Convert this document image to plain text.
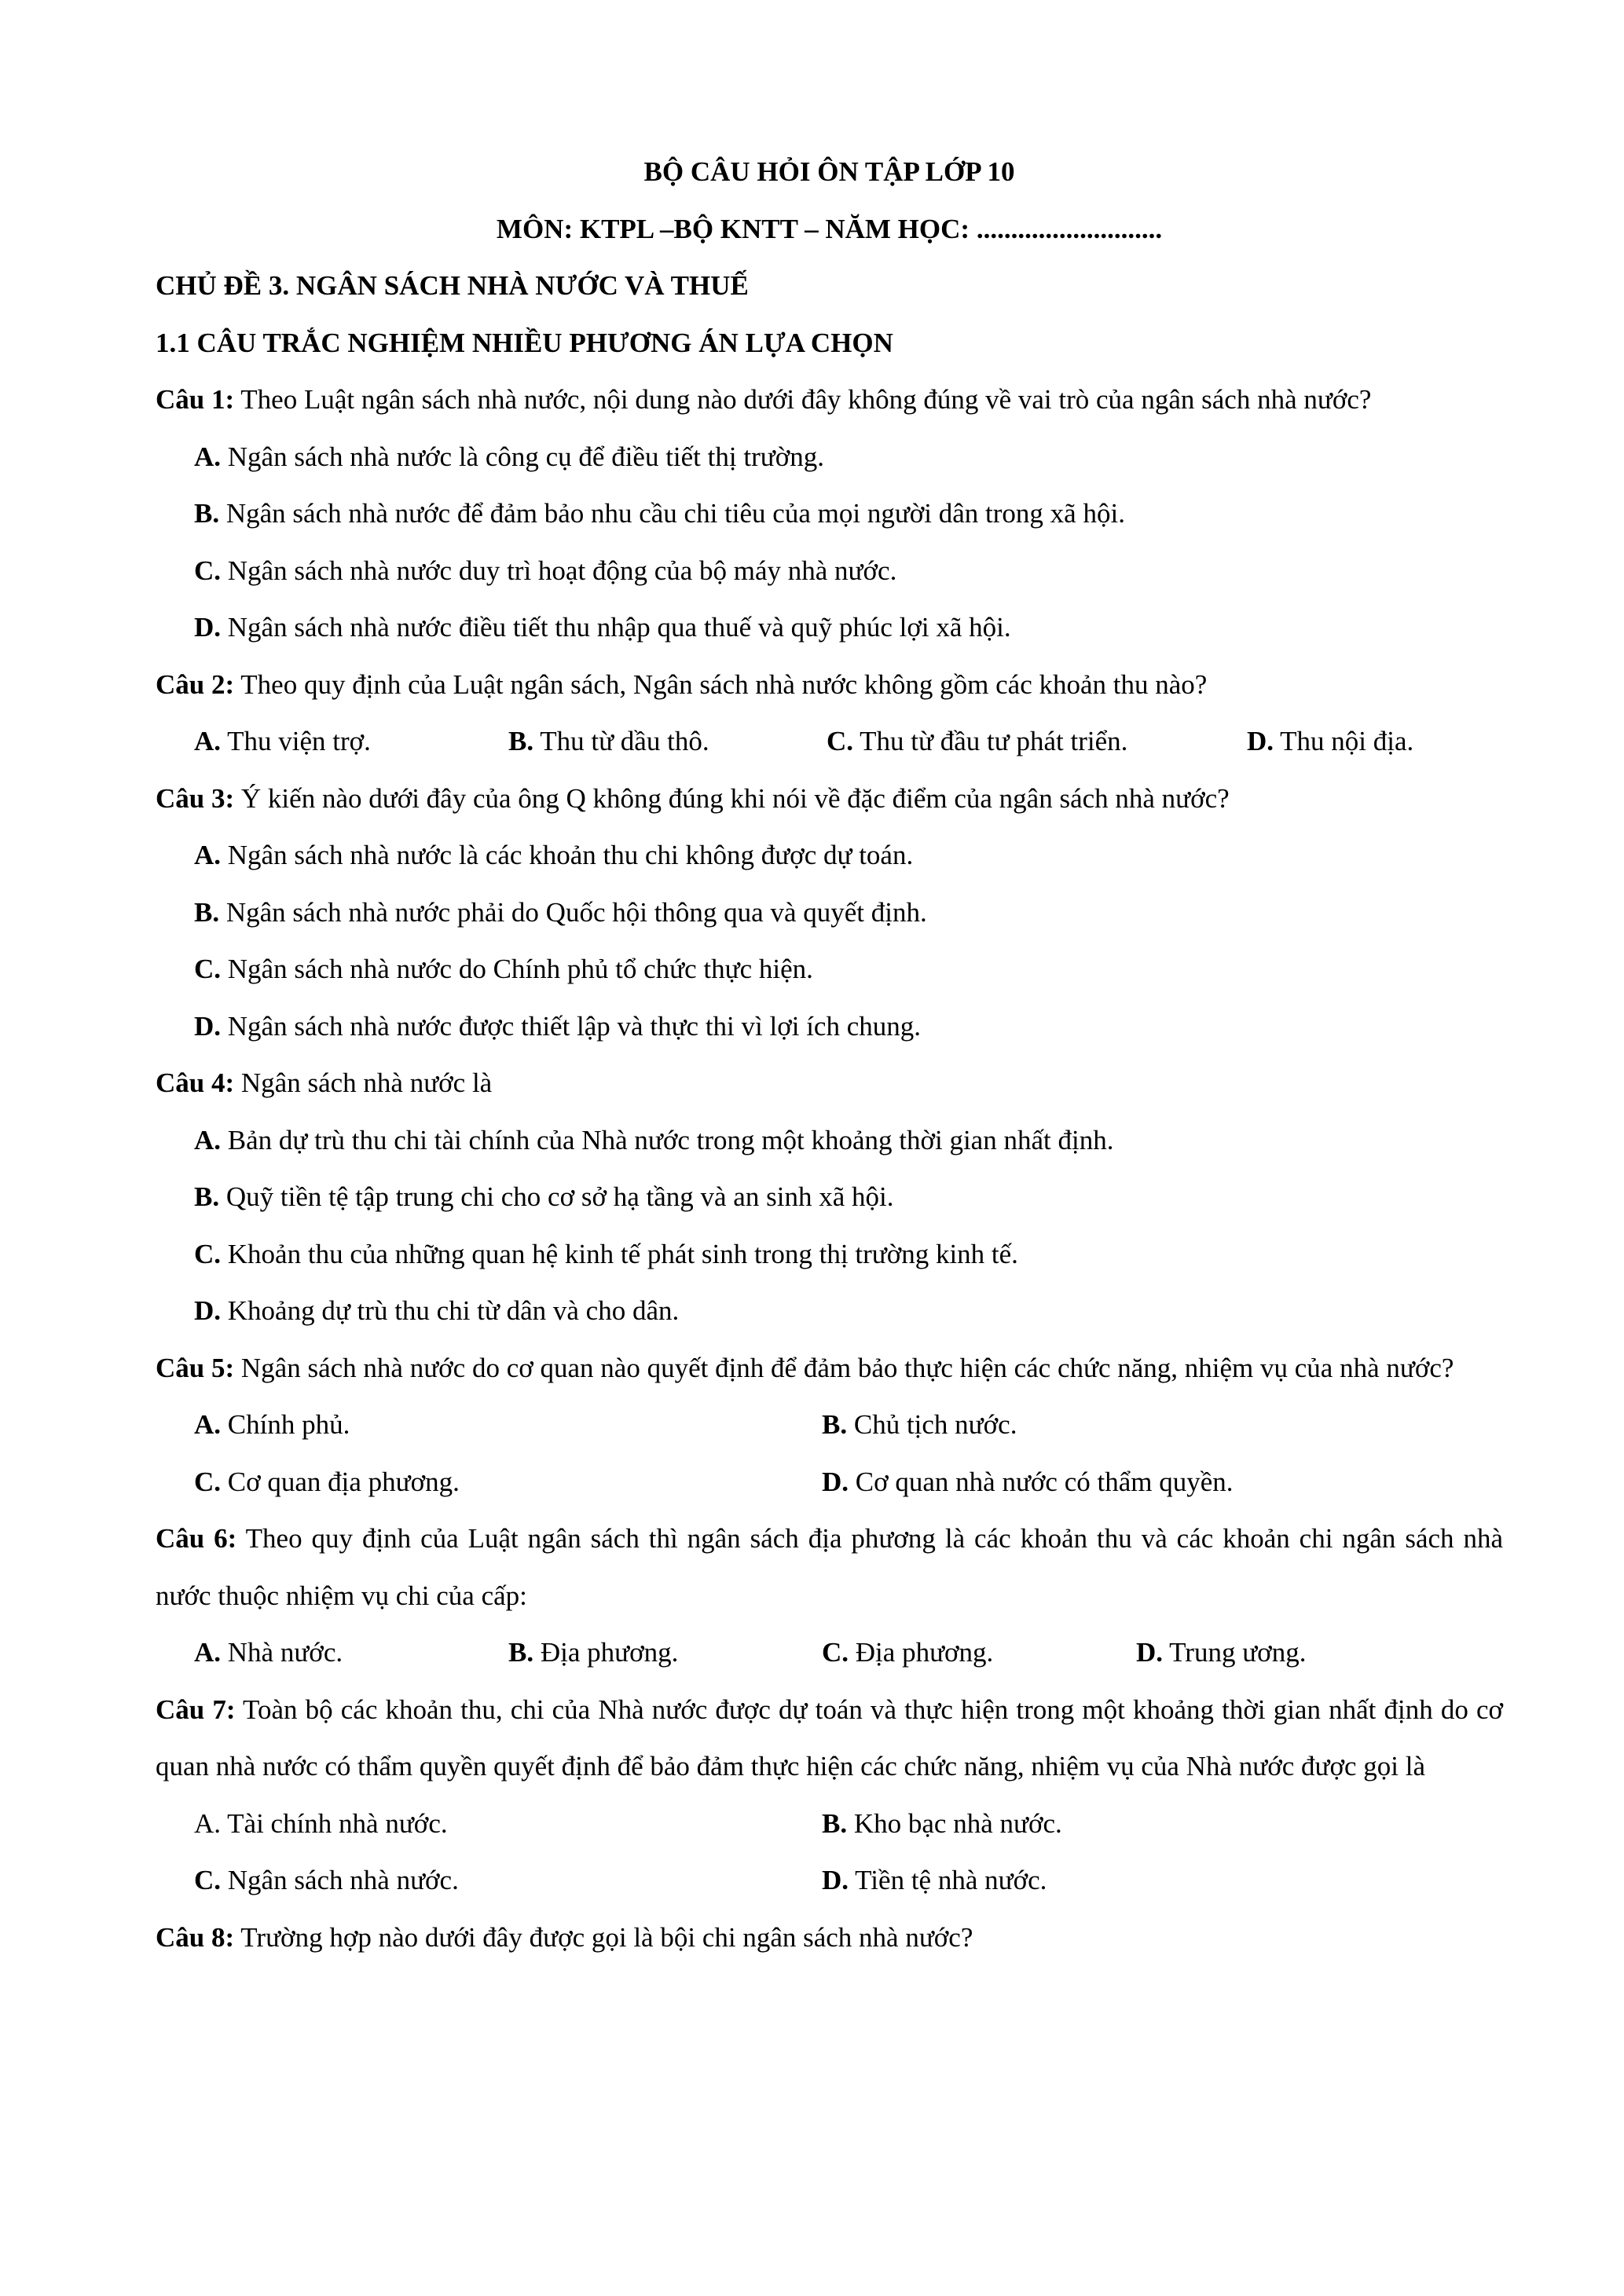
BỘ CÂU HỎI ÔN TẬP LỚP 10

MÔN: KTPL –BỘ KNTT – NĂM HỌC: ...........................

CHỦ ĐỀ 3. NGÂN SÁCH NHÀ NƯỚC VÀ THUẾ

1.1 CÂU TRẮC NGHIỆM NHIỀU PHƯƠNG ÁN LỰA CHỌN

Câu 1: Theo Luật ngân sách nhà nước, nội dung nào dưới đây không đúng về vai trò của ngân sách nhà nước?

A. Ngân sách nhà nước là công cụ để điều tiết thị trường.

B. Ngân sách nhà nước để đảm bảo nhu cầu chi tiêu của mọi người dân trong xã hội.

C. Ngân sách nhà nước duy trì hoạt động của bộ máy nhà nước.

D. Ngân sách nhà nước điều tiết thu nhập qua thuế và quỹ phúc lợi xã hội.

Câu 2: Theo quy định của Luật ngân sách, Ngân sách nhà nước không gồm các khoản thu nào?

A. Thu viện trợ.	B. Thu từ dầu thô.	C. Thu từ đầu tư phát triển.	D. Thu nội địa.

Câu 3: Ý kiến nào dưới đây của ông Q không đúng khi nói về đặc điểm của ngân sách nhà nước?

A. Ngân sách nhà nước là các khoản thu chi không được dự toán.

B. Ngân sách nhà nước phải do Quốc hội thông qua và quyết định.

C. Ngân sách nhà nước do Chính phủ tổ chức thực hiện.

D. Ngân sách nhà nước được thiết lập và thực thi vì lợi ích chung.

Câu 4: Ngân sách nhà nước là

A. Bản dự trù thu chi tài chính của Nhà nước trong một khoảng thời gian nhất định.

B. Quỹ tiền tệ tập trung chi cho cơ sở hạ tầng và an sinh xã hội.

C. Khoản thu của những quan hệ kinh tế phát sinh trong thị trường kinh tế.

D. Khoảng dự trù thu chi từ dân và cho dân.

Câu 5: Ngân sách nhà nước do cơ quan nào quyết định để đảm bảo thực hiện các chức năng, nhiệm vụ của nhà nước?

A. Chính phủ.	B. Chủ tịch nước.

C. Cơ quan địa phương.	D. Cơ quan nhà nước có thẩm quyền.

Câu 6: Theo quy định của Luật ngân sách thì ngân sách địa phương là các khoản thu và các khoản chi ngân sách nhà nước thuộc nhiệm vụ chi của cấp:

A. Nhà nước.	B. Địa phương.	C. Địa phương.	D. Trung ương.

Câu 7: Toàn bộ các khoản thu, chi của Nhà nước được dự toán và thực hiện trong một khoảng thời gian nhất định do cơ quan nhà nước có thẩm quyền quyết định để bảo đảm thực hiện các chức năng, nhiệm vụ của Nhà nước được gọi là

A. Tài chính nhà nước.	B. Kho bạc nhà nước.

C. Ngân sách nhà nước.	D. Tiền tệ nhà nước.

Câu 8: Trường hợp nào dưới đây được gọi là bội chi ngân sách nhà nước?
